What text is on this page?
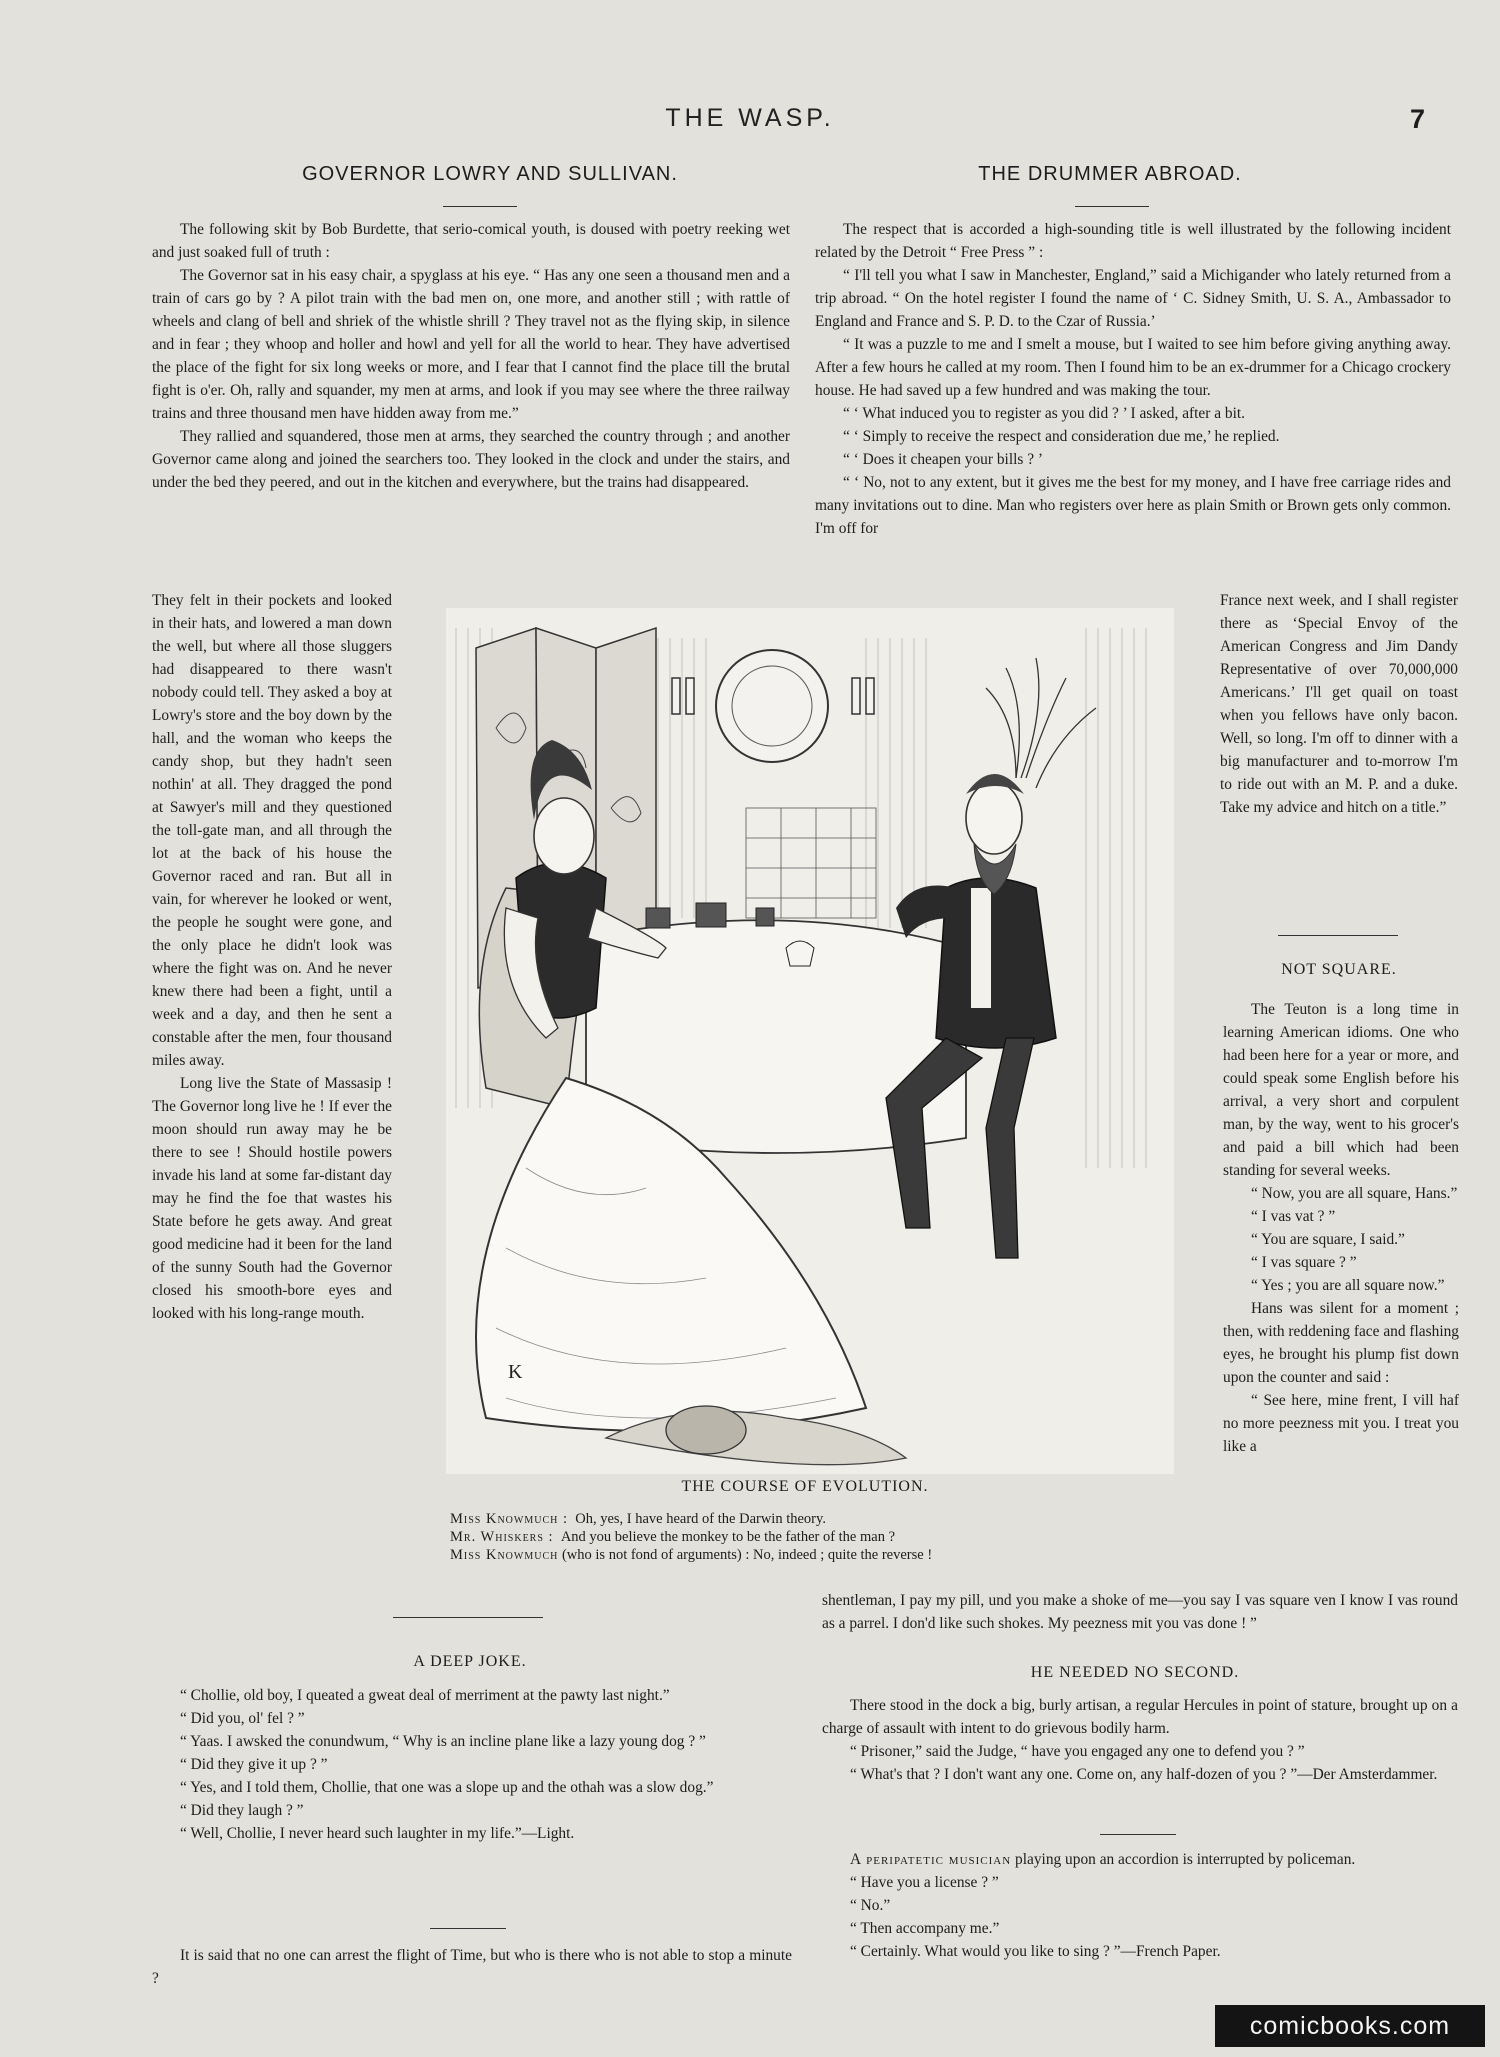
THE WASP.	7
GOVERNOR LOWRY AND SULLIVAN.

The following skit by Bob Burdette, that serio-comical youth, is doused with poetry reeking wet and just soaked full of truth :

The Governor sat in his easy chair, a spyglass at his eye. “ Has any one seen a thousand men and a train of cars go by ? A pilot train with the bad men on, one more, and another still ; with rattle of wheels and clang of bell and shriek of the whistle shrill ? They travel not as the flying skip, in silence and in fear ; they whoop and holler and howl and yell for all the world to hear. They have advertised the place of the fight for six long weeks or more, and I fear that I cannot find the place till the brutal fight is o'er. Oh, rally and squander, my men at arms, and look if you may see where the three railway trains and three thousand men have hidden away from me.”

They rallied and squandered, those men at arms, they searched the country through ; and another Governor came along and joined the searchers too. They looked in the clock and under the stairs, and under the bed they peered, and out in the kitchen and everywhere, but the trains had disappeared.

They felt in their pockets and looked in their hats, and lowered a man down the well, but where all those sluggers had disappeared to there wasn't nobody could tell. They asked a boy at Lowry's store and the boy down by the hall, and the woman who keeps the candy shop, but they hadn't seen nothin' at all. They dragged the pond at Sawyer's mill and they questioned the toll-gate man, and all through the lot at the back of his house the Governor raced and ran. But all in vain, for wherever he looked or went, the people he sought were gone, and the only place he didn't look was where the fight was on. And he never knew there had been a fight, until a week and a day, and then he sent a constable after the men, four thousand miles away.

Long live the State of Massasip ! The Governor long live he ! If ever the moon should run away may he be there to see ! Should hostile powers invade his land at some far-distant day may he find the foe that wastes his State before he gets away. And great good medicine had it been for the land of the sunny South had the Governor closed his smooth-bore eyes and looked with his long-range mouth.

THE DRUMMER ABROAD.

The respect that is accorded a high-sounding title is well illustrated by the following incident related by the Detroit “ Free Press ” :

“ I'll tell you what I saw in Manchester, England,” said a Michigander who lately returned from a trip abroad. “ On the hotel register I found the name of ‘ C. Sidney Smith, U. S. A., Ambassador to England and France and S. P. D. to the Czar of Russia.’

“ It was a puzzle to me and I smelt a mouse, but I waited to see him before giving anything away. After a few hours he called at my room. Then I found him to be an ex-drummer for a Chicago crockery house. He had saved up a few hundred and was making the tour.

“ ‘ What induced you to register as you did ? ’ I asked, after a bit.

“ ‘ Simply to receive the respect and consideration due me,’ he replied.

“ ‘ Does it cheapen your bills ? ’

“ ‘ No, not to any extent, but it gives me the best for my money, and I have free carriage rides and many invitations out to dine. Man who registers over here as plain Smith or Brown gets only common. I'm off for

France next week, and I shall register there as ‘Special Envoy of the American Congress and Jim Dandy Representative of over 70,000,000 Americans.’ I'll get quail on toast when you fellows have only bacon. Well, so long. I'm off to dinner with a big manufacturer and to-morrow I'm to ride out with an M. P. and a duke. Take my advice and hitch on a title.”

NOT SQUARE.

The Teuton is a long time in learning American idioms. One who had been here for a year or more, and could speak some English before his arrival, a very short and corpulent man, by the way, went to his grocer's and paid a bill which had been standing for several weeks.

“ Now, you are all square, Hans.”

“ I vas vat ? ”

“ You are square, I said.”

“ I vas square ? ”

“ Yes ; you are all square now.”

Hans was silent for a moment ; then, with reddening face and flashing eyes, he brought his plump fist down upon the counter and said :

“ See here, mine frent, I vill haf no more peezness mit you. I treat you like a

shentleman, I pay my pill, und you make a shoke of me—you say I vas square ven I know I vas round as a parrel. I don'd like such shokes. My peezness mit you vas done ! ”

K
THE COURSE OF EVOLUTION.
Miss Knowmuch : Oh, yes, I have heard of the Darwin theory.
Mr. Whiskers : And you believe the monkey to be the father of the man ?
Miss Knowmuch (who is not fond of arguments) : No, indeed ; quite the reverse !
A DEEP JOKE.

“ Chollie, old boy, I queated a gweat deal of merriment at the pawty last night.”

“ Did you, ol' fel ? ”

“ Yaas. I awsked the conundwum, “ Why is an incline plane like a lazy young dog ? ”

“ Did they give it up ? ”

“ Yes, and I told them, Chollie, that one was a slope up and the othah was a slow dog.”

“ Did they laugh ? ”

“ Well, Chollie, I never heard such laughter in my life.”—Light.

It is said that no one can arrest the flight of Time, but who is there who is not able to stop a minute ?

HE NEEDED NO SECOND.

There stood in the dock a big, burly artisan, a regular Hercules in point of stature, brought up on a charge of assault with intent to do grievous bodily harm.

“ Prisoner,” said the Judge, “ have you engaged any one to defend you ? ”

“ What's that ? I don't want any one. Come on, any half-dozen of you ? ”—Der Amsterdammer.

A peripatetic musician playing upon an accordion is interrupted by policeman.

“ Have you a license ? ”

“ No.”

“ Then accompany me.”

“ Certainly. What would you like to sing ? ”—French Paper.

comicbooks.com
